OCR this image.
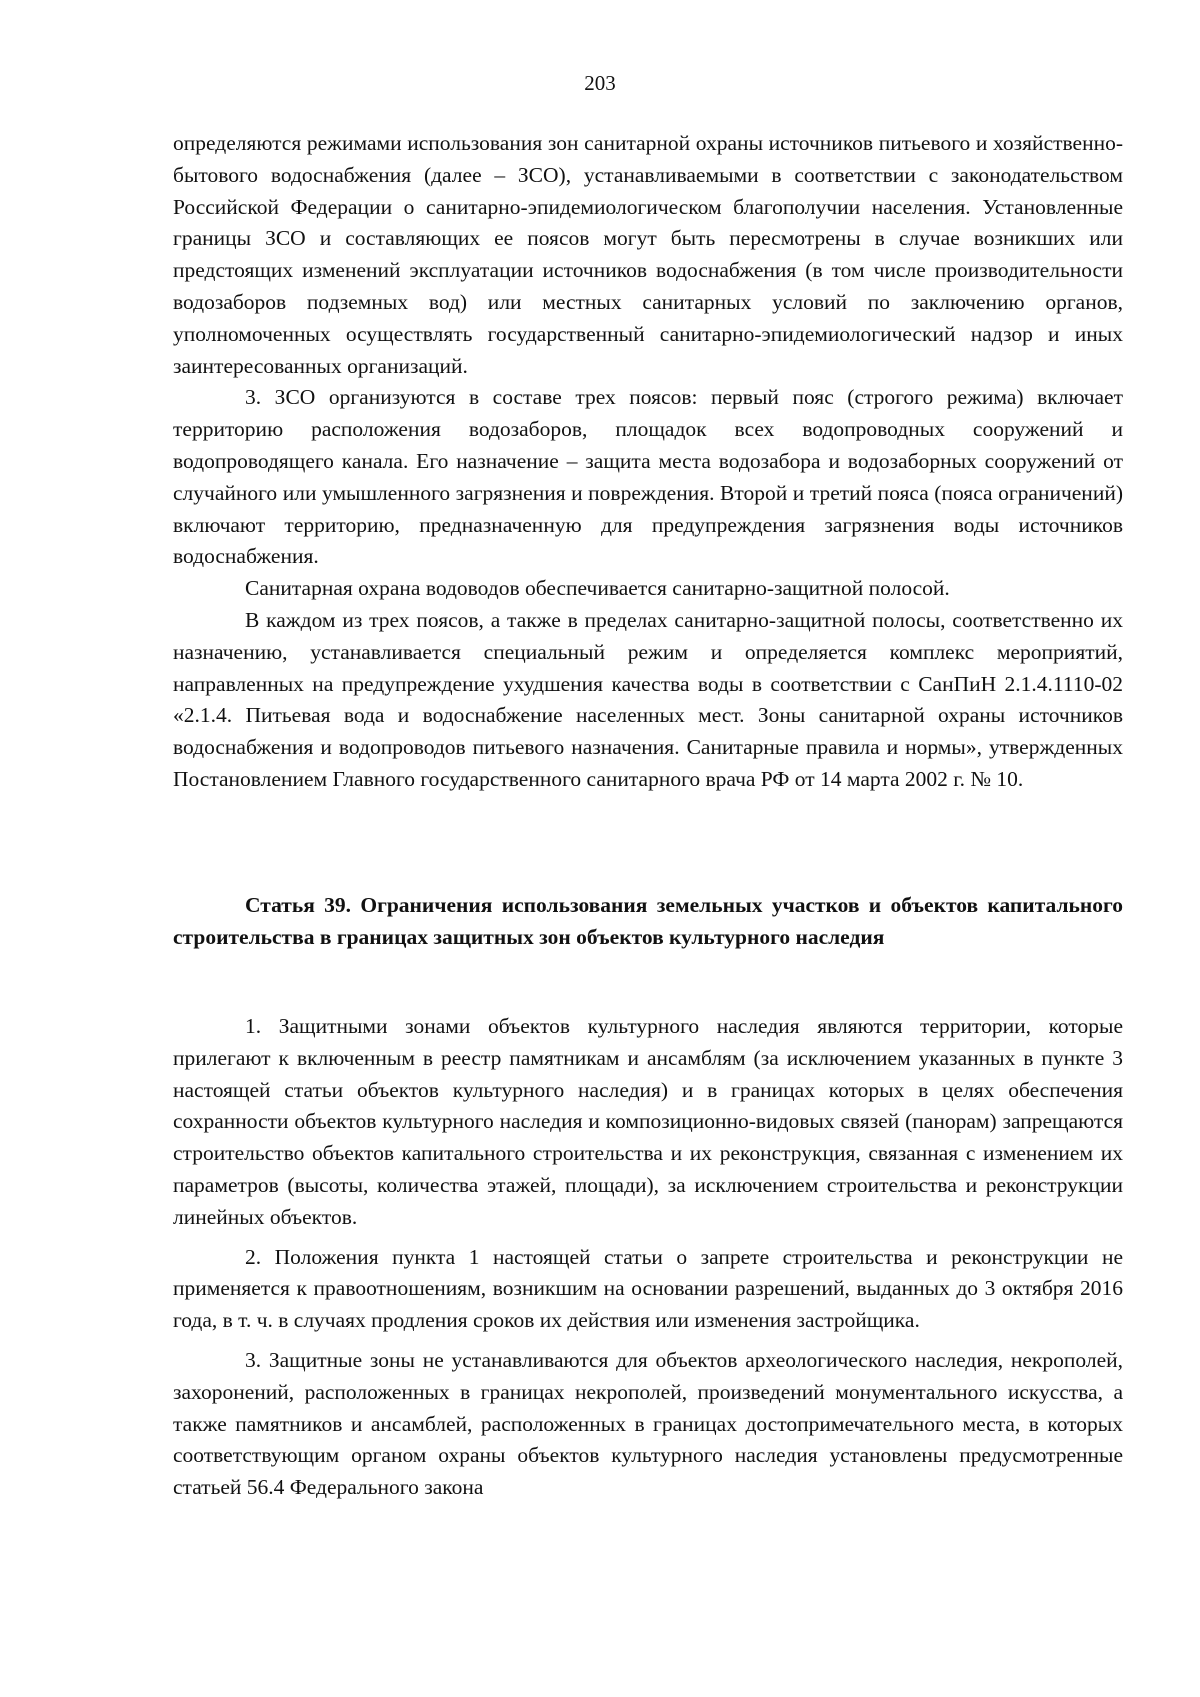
203

определяются режимами использования зон санитарной охраны источников питьевого и хозяйственно-бытового водоснабжения (далее – ЗСО), устанавливаемыми в соответствии с законодательством Российской Федерации о санитарно-эпидемиологическом благополучии населения. Установленные границы ЗСО и составляющих ее поясов могут быть пересмотрены в случае возникших или предстоящих изменений эксплуатации источников водоснабжения (в том числе производительности водозаборов подземных вод) или местных санитарных условий по заключению органов, уполномоченных осуществлять государственный санитарно-эпидемиологический надзор и иных заинтересованных организаций.

3. ЗСО организуются в составе трех поясов: первый пояс (строгого режима) включает территорию расположения водозаборов, площадок всех водопроводных сооружений и водопроводящего канала. Его назначение – защита места водозабора и водозаборных сооружений от случайного или умышленного загрязнения и повреждения. Второй и третий пояса (пояса ограничений) включают территорию, предназначенную для предупреждения загрязнения воды источников водоснабжения.

Санитарная охрана водоводов обеспечивается санитарно-защитной полосой.

В каждом из трех поясов, а также в пределах санитарно-защитной полосы, соответственно их назначению, устанавливается специальный режим и определяется комплекс мероприятий, направленных на предупреждение ухудшения качества воды в соответствии с СанПиН 2.1.4.1110-02 «2.1.4. Питьевая вода и водоснабжение населенных мест. Зоны санитарной охраны источников водоснабжения и водопроводов питьевого назначения. Санитарные правила и нормы», утвержденных Постановлением Главного государственного санитарного врача РФ от 14 марта 2002 г. № 10.

Статья 39. Ограничения использования земельных участков и объектов капитального строительства в границах защитных зон объектов культурного наследия

1. Защитными зонами объектов культурного наследия являются территории, которые прилегают к включенным в реестр памятникам и ансамблям (за исключением указанных в пункте 3 настоящей статьи объектов культурного наследия) и в границах которых в целях обеспечения сохранности объектов культурного наследия и композиционно-видовых связей (панорам) запрещаются строительство объектов капитального строительства и их реконструкция, связанная с изменением их параметров (высоты, количества этажей, площади), за исключением строительства и реконструкции линейных объектов.

2. Положения пункта 1 настоящей статьи о запрете строительства и реконструкции не применяется к правоотношениям, возникшим на основании разрешений, выданных до 3 октября 2016 года, в т. ч. в случаях продления сроков их действия или изменения застройщика.

3. Защитные зоны не устанавливаются для объектов археологического наследия, некрополей, захоронений, расположенных в границах некрополей, произведений монументального искусства, а также памятников и ансамблей, расположенных в границах достопримечательного места, в которых соответствующим органом охраны объектов культурного наследия установлены предусмотренные статьей 56.4 Федерального закона
